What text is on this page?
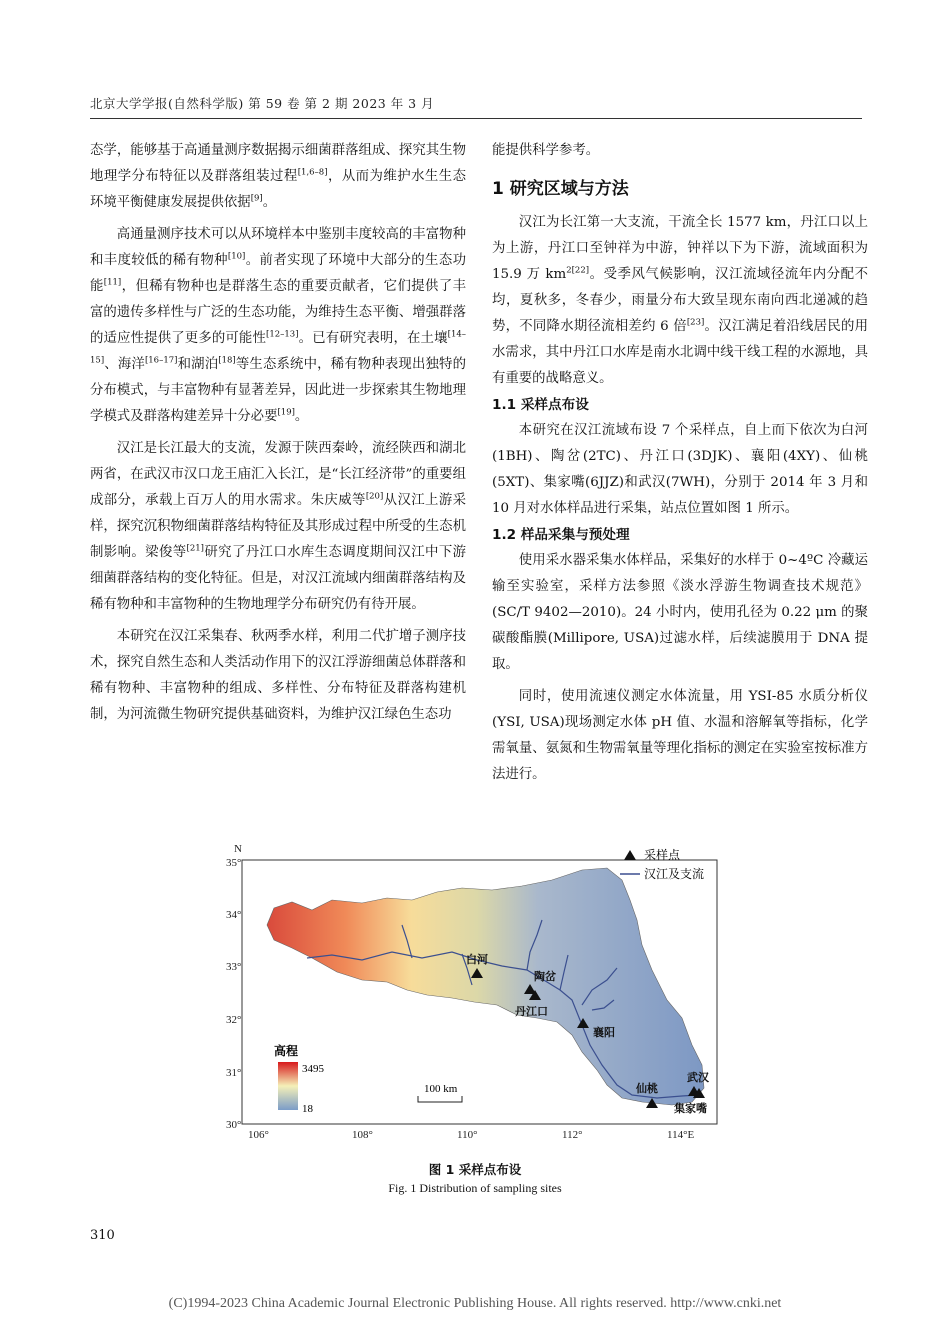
北京大学学报(自然科学版) 第 59 卷 第 2 期 2023 年 3 月

态学，能够基于高通量测序数据揭示细菌群落组成、探究其生物地理学分布特征以及群落组装过程[1,6–8]，从而为维护水生生态环境平衡健康发展提供依据[9]。

高通量测序技术可以从环境样本中鉴别丰度较高的丰富物种和丰度较低的稀有物种[10]。前者实现了环境中大部分的生态功能[11]，但稀有物种也是群落生态的重要贡献者，它们提供了丰富的遗传多样性与广泛的生态功能，为维持生态平衡、增强群落的适应性提供了更多的可能性[12–13]。已有研究表明，在土壤[14–15]、海洋[16–17]和湖泊[18]等生态系统中，稀有物种表现出独特的分布模式，与丰富物种有显著差异，因此进一步探索其生物地理学模式及群落构建差异十分必要[19]。

汉江是长江最大的支流，发源于陕西秦岭，流经陕西和湖北两省，在武汉市汉口龙王庙汇入长江，是“长江经济带”的重要组成部分，承载上百万人的用水需求。朱庆威等[20]从汉江上游采样，探究沉积物细菌群落结构特征及其形成过程中所受的生态机制影响。梁俊等[21]研究了丹江口水库生态调度期间汉江中下游细菌群落结构的变化特征。但是，对汉江流域内细菌群落结构及稀有物种和丰富物种的生物地理学分布研究仍有待开展。

本研究在汉江采集春、秋两季水样，利用二代扩增子测序技术，探究自然生态和人类活动作用下的汉江浮游细菌总体群落和稀有物种、丰富物种的组成、多样性、分布特征及群落构建机制，为河流微生物研究提供基础资料，为维护汉江绿色生态功

能提供科学参考。

1 研究区域与方法

汉江为长江第一大支流，干流全长 1577 km，丹江口以上为上游，丹江口至钟祥为中游，钟祥以下为下游，流域面积为 15.9 万 $km^{2[22]}$。受季风气候影响，汉江流域径流年内分配不均，夏秋多，冬春少，雨量分布大致呈现东南向西北递减的趋势，不同降水期径流相差约 6 倍[23]。汉江满足着沿线居民的用水需求，其中丹江口水库是南水北调中线干线工程的水源地，具有重要的战略意义。

1.1 采样点布设

本研究在汉江流域布设 7 个采样点，自上而下依次为白河(1BH)、陶岔(2TC)、丹江口(3DJK)、襄阳(4XY)、仙桃(5XT)、集家嘴(6JJZ)和武汉(7WH)，分别于 2014 年 3 月和 10 月对水体样品进行采集，站点位置如图 1 所示。

1.2 样品采集与预处理

使用采水器采集水体样品，采集好的水样于 0~4ºC 冷藏运输至实验室，采样方法参照《淡水浮游生物调查技术规范》(SC/T 9402—2010)。24 小时内，使用孔径为 0.22 μm 的聚碳酸酯膜(Millipore, USA)过滤水样，后续滤膜用于 DNA 提取。

同时，使用流速仪测定水体流量，用 YSI-85 水质分析仪(YSI, USA)现场测定水体 pH 值、水温和溶解氧等指标，化学需氧量、氨氮和生物需氧量等理化指标的测定在实验室按标准方法进行。

35°
34°
33°
32°
31°
30°
106°	108°	110°	112°	114°E
N	采样点
汉江及支流
高程
3495
18
100 km
白河
陶岔
丹江口
襄阳
仙桃
武汉
集家嘴
图 1 采样点布设
Fig. 1 Distribution of sampling sites
310
(C)1994-2023 China Academic Journal Electronic Publishing House. All rights reserved. http://www.cnki.net
